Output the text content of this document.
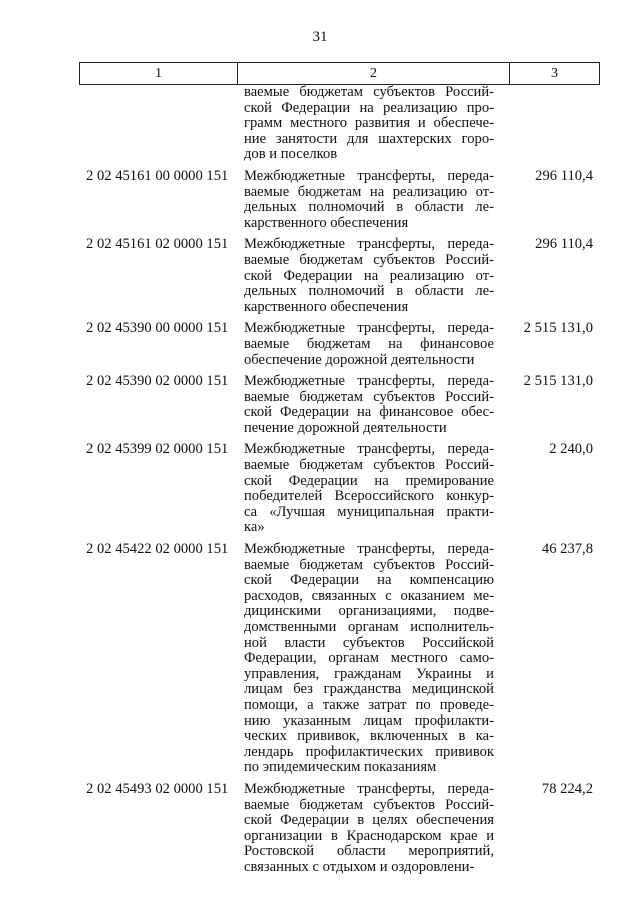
31
1	2	3
ваемые бюджетам субъектов Россий-
ской Федерации на реализацию про-
грамм местного развития и обеспече-
ние занятости для шахтерских горо-
дов и поселков
2 02 45161 00 0000 151	Межбюджетные трансферты, переда-
ваемые бюджетам на реализацию от-
дельных полномочий в области ле-
карственного обеспечения
296 110,4
2 02 45161 02 0000 151	Межбюджетные трансферты, переда-
ваемые бюджетам субъектов Россий-
ской Федерации на реализацию от-
дельных полномочий в области ле-
карственного обеспечения
296 110,4
2 02 45390 00 0000 151	Межбюджетные трансферты, переда-
ваемые бюджетам на финансовое
обеспечение дорожной деятельности
2 515 131,0
2 02 45390 02 0000 151	Межбюджетные трансферты, переда-
ваемые бюджетам субъектов Россий-
ской Федерации на финансовое обес-
печение дорожной деятельности
2 515 131,0
2 02 45399 02 0000 151	Межбюджетные трансферты, переда-
ваемые бюджетам субъектов Россий-
ской Федерации на премирование
победителей Всероссийского конкур-
са «Лучшая муниципальная практи-
ка»
2 240,0
2 02 45422 02 0000 151	Межбюджетные трансферты, переда-
ваемые бюджетам субъектов Россий-
ской Федерации на компенсацию
расходов, связанных с оказанием ме-
дицинскими организациями, подве-
домственными органам исполнитель-
ной власти субъектов Российской
Федерации, органам местного само-
управления, гражданам Украины и
лицам без гражданства медицинской
помощи, а также затрат по проведе-
нию указанным лицам профилакти-
ческих прививок, включенных в ка-
лендарь профилактических прививок
по эпидемическим показаниям
46 237,8
2 02 45493 02 0000 151	Межбюджетные трансферты, переда-
ваемые бюджетам субъектов Россий-
ской Федерации в целях обеспечения
организации в Краснодарском крае и
Ростовской области мероприятий,
связанных с отдыхом и оздоровлени-
78 224,2
